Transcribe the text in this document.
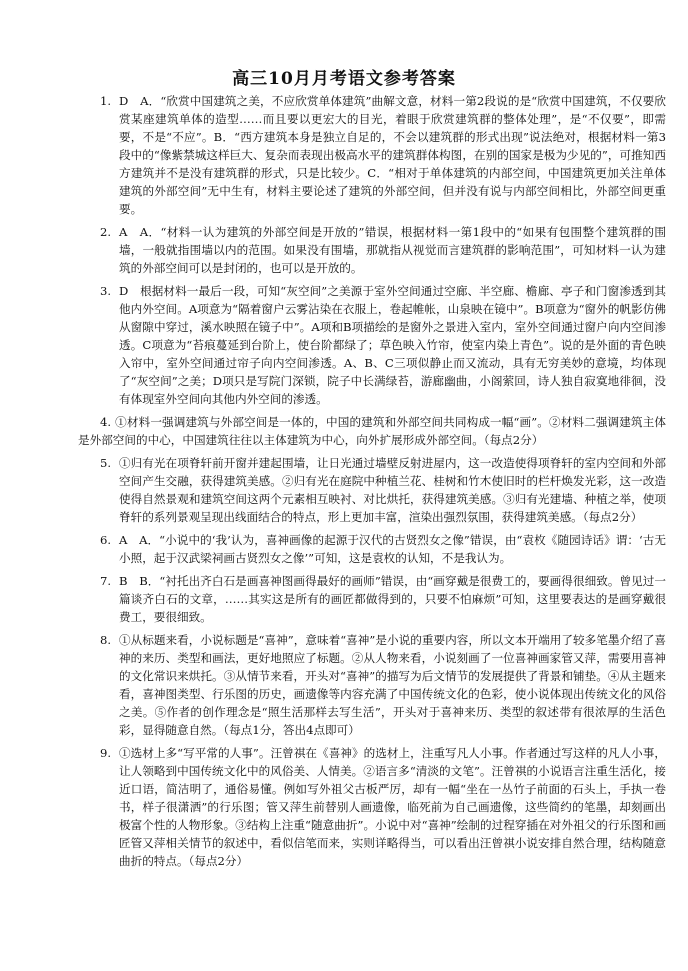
高三10月月考语文参考答案
1. D　A．“欣赏中国建筑之美，不应欣赏单体建筑”曲解文意，材料一第2段说的是“欣赏中国建筑，不仅要欣赏某座建筑单体的造型……而且要以更宏大的目光，着眼于欣赏建筑群的整体处理”，是“不仅要”，即需要，不是“不应”。B．“西方建筑本身是独立自足的，不会以建筑群的形式出现”说法绝对，根据材料一第3段中的“像紫禁城这样巨大、复杂而表现出极高水平的建筑群体构图，在别的国家是极为少见的”，可推知西方建筑并不是没有建筑群的形式，只是比较少。C．“相对于单体建筑的内部空间，中国建筑更加关注单体建筑的外部空间”无中生有，材料主要论述了建筑的外部空间，但并没有说与内部空间相比，外部空间更重要。
2. A　A．“材料一认为建筑的外部空间是开放的”错误，根据材料一第1段中的“如果有包围整个建筑群的围墙，一般就指围墙以内的范围。如果没有围墙，那就指从视觉而言建筑群的影响范围”，可知材料一认为建筑的外部空间可以是封闭的，也可以是开放的。
3. D　根据材料一最后一段，可知“灰空间”之美源于室外空间通过空廊、半空廊、檐廊、亭子和门窗渗透到其他内外空间。A项意为“隔着窗户云雾沾染在衣服上，卷起帷帐，山泉映在镜中”。B项意为“窗外的帆影仿佛从窗隙中穿过，溪水映照在镜子中”。A项和B项描绘的是窗外之景进入室内，室外空间通过窗户向内空间渗透。C项意为“苔痕蔓延到台阶上，使台阶都绿了；草色映入竹帘，使室内染上青色”。说的是外面的青色映入帘中，室外空间通过帘子向内空间渗透。A、B、C三项似静止而又流动，具有无穷美妙的意境，均体现了“灰空间”之美；D项只是写院门深锁，院子中长满绿苔，游廊幽曲，小阁萦回，诗人独自寂寞地徘徊，没有体现室外空间向其他内外空间的渗透。
4. ①材料一强调建筑与外部空间是一体的，中国的建筑和外部空间共同构成一幅“画”。②材料二强调建筑主体是外部空间的中心，中国建筑往往以主体建筑为中心，向外扩展形成外部空间。（每点2分）
5. ①归有光在项脊轩前开窗并建起围墙，让日光通过墙壁反射进屋内，这一改造使得项脊轩的室内空间和外部空间产生交融，获得建筑美感。②归有光在庭院中种植兰花、桂树和竹木使旧时的栏杆焕发光彩，这一改造使得自然景观和建筑空间这两个元素相互映衬、对比烘托，获得建筑美感。③归有光建墙、种植之举，使项脊轩的系列景观呈现出线面结合的特点，形上更加丰富，渲染出强烈氛围，获得建筑美感。（每点2分）
6. A　A．“小说中的‘我’认为，喜神画像的起源于汉代的古贤烈女之像”错误，由“袁枚《随园诗话》谓：‘古无小照，起于汉武梁祠画古贤烈女之像’”可知，这是袁枚的认知，不是我认为。
7. B　B．“衬托出齐白石是画喜神图画得最好的画师”错误，由“画穿戴是很费工的，要画得很细致。曾见过一篇谈齐白石的文章，……其实这是所有的画匠都做得到的，只要不怕麻烦”可知，这里要表达的是画穿戴很费工，要很细致。
8. ①从标题来看，小说标题是“喜神”，意味着“喜神”是小说的重要内容，所以文本开端用了较多笔墨介绍了喜神的来历、类型和画法，更好地照应了标题。②从人物来看，小说刻画了一位喜神画家管又萍，需要用喜神的文化常识来烘托。③从情节来看，开头对“喜神”的描写为后文情节的发展提供了背景和铺垫。④从主题来看，喜神图类型、行乐图的历史，画遗像等内容充满了中国传统文化的色彩，使小说体现出传统文化的风俗之美。⑤作者的创作理念是“照生活那样去写生活”，开头对于喜神来历、类型的叙述带有很浓厚的生活色彩，显得随意自然。（每点1分，答出4点即可）
9. ①选材上多“写平常的人事”。汪曾祺在《喜神》的选材上，注重写凡人小事。作者通过写这样的凡人小事，让人领略到中国传统文化中的风俗美、人情美。②语言多“清淡的文笔”。汪曾祺的小说语言注重生活化，接近口语，简洁明了，通俗易懂。例如写外祖父古板严厉，却有一幅“坐在一丛竹子前面的石头上，手执一卷书，样子很潇洒”的行乐图；管又萍生前替别人画遗像，临死前为自己画遗像，这些简约的笔墨，却刻画出极富个性的人物形象。③结构上注重“随意曲折”。小说中对“喜神”绘制的过程穿插在对外祖父的行乐图和画匠管又萍相关情节的叙述中，看似信笔而来，实则详略得当，可以看出汪曾祺小说安排自然合理，结构随意曲折的特点。（每点2分）
